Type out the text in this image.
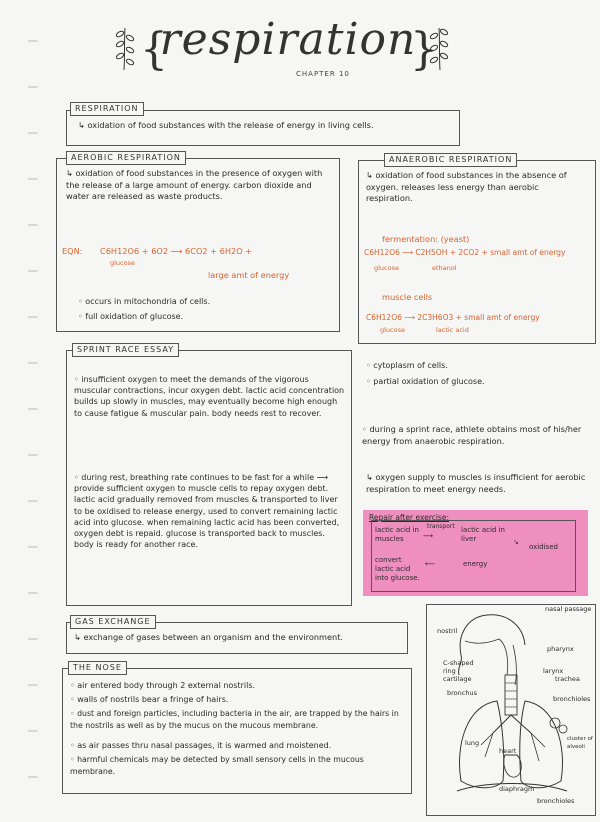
{
respiration
CHAPTER 10 }
RESPIRATION
↳ oxidation of food substances with the release of energy in living cells.
AEROBIC RESPIRATION
↳ oxidation of food substances in the presence of oxygen with the release of a large amount of energy. carbon dioxide and water are released as waste products.
EQN: C6H12O6 + 6O2 ⟶ 6CO2 + 6H2O +
glucose
large amt of energy
◦ occurs in mitochondria of cells.
◦ full oxidation of glucose.
ANAEROBIC RESPIRATION
↳ oxidation of food substances in the absence of oxygen. releases less energy than aerobic respiration.
fermentation: (yeast)
C6H12O6 ⟶ C2H5OH + 2CO2 + small amt of energy
glucose	ethanol
muscle cells
C6H12O6 ⟶ 2C3H6O3 + small amt of energy
glucose	lactic acid
◦ cytoplasm of cells.
◦ partial oxidation of glucose.
SPRINT RACE ESSAY
◦ insufficient oxygen to meet the demands of the vigorous muscular contractions, incur oxygen debt. lactic acid concentration builds up slowly in muscles, may eventually become high enough to cause fatigue & muscular pain. body needs rest to recover.
◦ during rest, breathing rate continues to be fast for a while ⟶ provide sufficient oxygen to muscle cells to repay oxygen debt. lactic acid gradually removed from muscles & transported to liver to be oxidised to release energy, used to convert remaining lactic acid into glucose. when remaining lactic acid has been converted, oxygen debt is repaid. glucose is transported back to muscles. body is ready for another race.
◦ during a sprint race, athlete obtains most of his/her energy from anaerobic respiration.
↳ oxygen supply to muscles is insufficient for aerobic respiration to meet energy needs.
Repair after exercise:
lactic acid in muscles
transport
⟶
lactic acid in liver	↘
oxidised
convert lactic acid into glucose.
⟵	energy
GAS EXCHANGE
↳ exchange of gases between an organism and the environment.
THE NOSE
◦ air entered body through 2 external nostrils.
◦ walls of nostrils bear a fringe of hairs.
◦ dust and foreign particles, including bacteria in the air, are trapped by the hairs in the nostrils as well as by the mucus on the mucous membrane.
◦ as air passes thru nasal passages, it is warmed and moistened.
◦ harmful chemicals may be detected by small sensory cells in the mucous membrane.
nasal passage
nostril
pharynx
C-shaped ring cartilage
larynx
trachea
bronchus
bronchioles
cluster of alveoli
lung
heart
diaphragm
bronchioles
